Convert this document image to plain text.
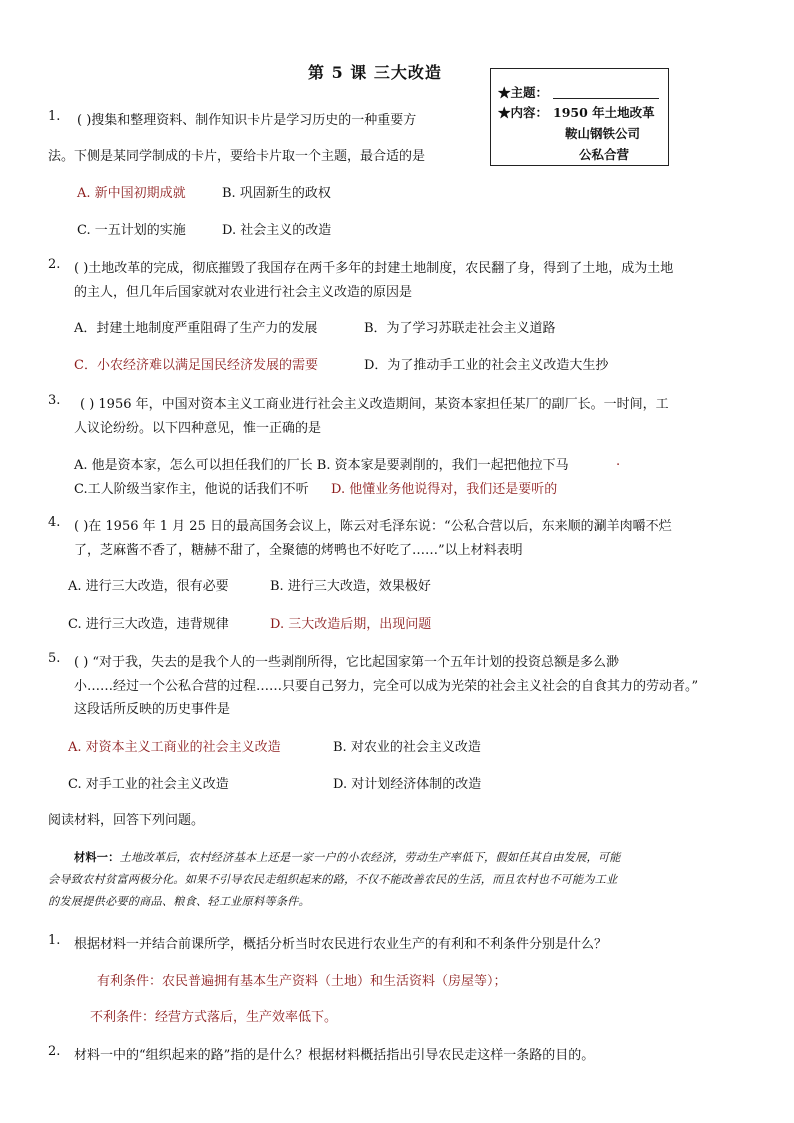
第 5 课 三大改造
★主题：
★内容： 1950 年土地改革
鞍山钢铁公司
公私合营
1. ( )搜集和整理资料、制作知识卡片是学习历史的一种重要方
法。下侧是某同学制成的卡片，要给卡片取一个主题，最合适的是
A. 新中国初期成就	B. 巩固新生的政权
C. 一五计划的实施	D. 社会主义的改造
2. ( )土地改革的完成，彻底摧毁了我国存在两千多年的封建土地制度，农民翻了身，得到了土地，成为土地
的主人，但几年后国家就对农业进行社会主义改造的原因是
A．封建土地制度严重阻碍了生产力的发展	B．为了学习苏联走社会主义道路
C．小农经济难以满足国民经济发展的需要	D．为了推动手工业的社会主义改造大生抄
3. ( ) 1956 年，中国对资本主义工商业进行社会主义改造期间，某资本家担任某厂的副厂长。一时间，工
人议论纷纷。以下四种意见，惟一正确的是
A. 他是资本家，怎么可以担任我们的厂长 B. 资本家是要剥削的，我们一起把他拉下马	.
C.工人阶级当家作主，他说的话我们不听 D. 他懂业务他说得对，我们还是要听的
4. ( )在 1956 年 1 月 25 日的最高国务会议上，陈云对毛泽东说：“公私合营以后，东来顺的涮羊肉嚼不烂
了，芝麻酱不香了，糖赫不甜了，全聚德的烤鸭也不好吃了……”以上材料表明
A. 进行三大改造，很有必要	B. 进行三大改造，效果极好
C. 进行三大改造，违背规律	D. 三大改造后期，出现问题
5. ( ) “对于我，失去的是我个人的一些剥削所得，它比起国家第一个五年计划的投资总额是多么渺
小……经过一个公私合营的过程……只要自己努力，完全可以成为光荣的社会主义社会的自食其力的劳动者。”
这段话所反映的历史事件是
A. 对资本主义工商业的社会主义改造	B. 对农业的社会主义改造
C. 对手工业的社会主义改造	D. 对计划经济体制的改造
阅读材料，回答下列问题。
材料一：土地改革后，农村经济基本上还是一家一户的小农经济，劳动生产率低下，假如任其自由发展，可能
会导致农村贫富两极分化。如果不引导农民走组织起来的路，不仅不能改善农民的生活，而且农村也不可能为工业
的发展提供必要的商品、粮食、轻工业原料等条件。
1. 根据材料一并结合前课所学，概括分析当时农民进行农业生产的有利和不利条件分别是什么？
有利条件：农民普遍拥有基本生产资料（土地）和生活资料（房屋等）；
不利条件：经营方式落后，生产效率低下。
2. 材料一中的“组织起来的路”指的是什么？根据材料概括指出引导农民走这样一条路的目的。
